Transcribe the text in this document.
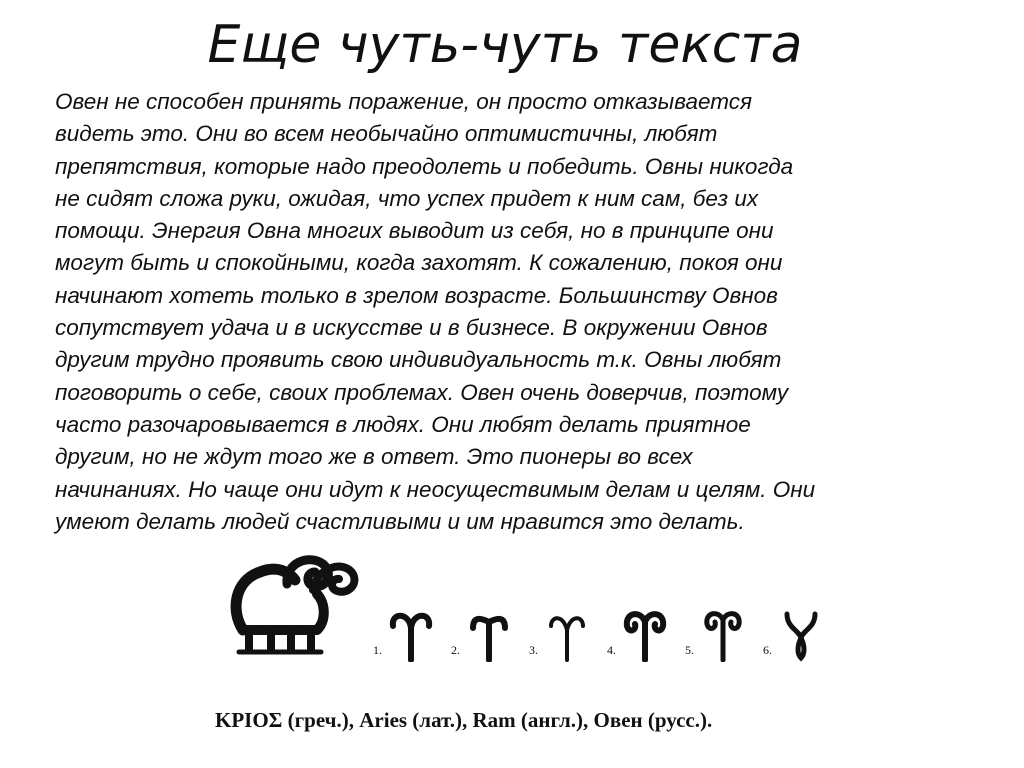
Еще чуть-чуть текста
Овен не способен принять поражение, он просто отказывается
видеть это. Они во всем необычайно оптимистичны, любят
препятствия, которые надо преодолеть и победить. Овны никогда
не сидят сложа руки, ожидая, что успех придет к ним сам, без их
помощи. Энергия Овна многих выводит из себя, но в принципе они
могут быть и спокойными, когда захотят. К сожалению, покоя они
начинают хотеть только в зрелом возрасте. Большинству Овнов
сопутствует удача и в искусстве и в бизнесе. В окружении Овнов
другим трудно проявить свою индивидуальность т.к. Овны любят
поговорить о себе, своих проблемах. Овен очень доверчив, поэтому
часто разочаровывается в людях. Они любят делать приятное
другим, но не ждут того же в ответ. Это пионеры во всех
начинаниях. Но чаще они идут к неосуществимым делам и целям. Они
умеют делать людей счастливыми и им нравится это делать.
1.	2.	3.	4.	5.	6.
ΚΡΙΟΣ (греч.), Aries (лат.), Ram (англ.), Овен (русс.).
